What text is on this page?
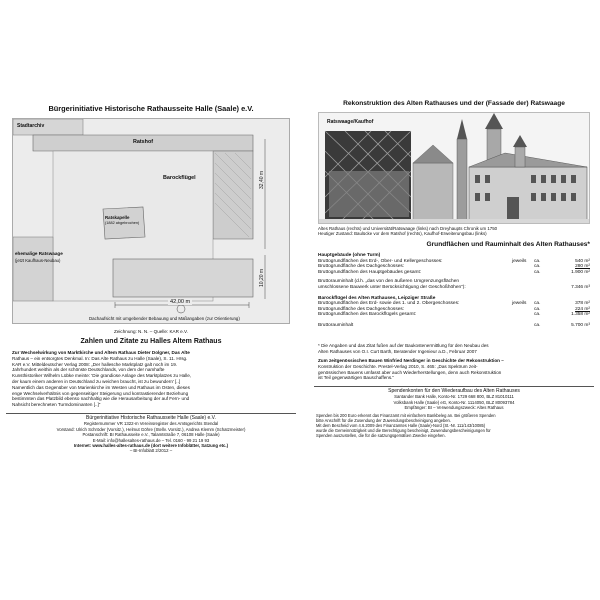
Bürgerinitiative Historische Rathausseite Halle (Saale) e.V.
Stadtarchiv
Ratshof
Barockflügel
Ratskapelle
(1882 abgebrochen)
ehemalige Ratswaage
(jetzt Kaufhaus-Neubau)
42,00 m
32,40 m
10,20 m
Dachaufsicht mit umgebender Bebauung und Maßangaben (zur Orientierung)
Zeichnung: N. N. – Quelle: KAR e.V.
Zahlen und Zitate zu Halles Altem Rathaus
Zur Wechselwirkung von Marktkirche und Altem Rathaus Dieter Dolgner, Das Alte
Rathaus – ein entsorgtes Denkmal. In: Das Alte Rathaus zu Halle (Saale), S. 11. Hrsg.
KAR e.V. Mitteldeutscher Verlag 2008: „Der hallesche Marktplatz galt noch im 19.
Jahrhundert weithin als der schönste Deutschlands, von dem der namhafte
Kunsthistoriker Wilhelm Lübke meinte: 'Die grandiose Anlage des Marktplatzes zu Halle,
der kaum einem anderen in Deutschland zu weichen braucht, ist zu bewundern' [..]
Namentlich das Gegenüber von Marienkirche im Westen und Rathaus im Osten, dieses
enge Wechselverhältnis von gegenseitiger Steigerung und kontrastierender Beziehung
bestimmten das Platzbild ebenso nachhaltig wie die Herausarbeitung der auf Fern- und
Nahsicht berechneten Turmdominanten [..]“
Bürgerinitiative Historische Rathausseite Halle (Saale) e.V.
Registernummer VR 1322-m Vereinsregister des Amtsgerichts Stendal
Vorstand: Ulrich Schröder (Vorsitz.), Helmut Göhre (Stellv. Vorsitz.), Andrea Klemm (Schatzmeister)
Postanschrift: BI Rathausseite e.V., Talamtstraße 7, 06108 Halle (Saale)
E-Mail: info@hallesaltes-rathaus.de – Tel. 0160 - 99 21 19 93
Internet: www.halles-altes-rathaus.de (dort weitere Infoblätter, Satzung etc.)
– BI-Infoblatt 2/2012 –
Rekonstruktion des Alten Rathauses und der (Fassade der) Ratswaage
Ratswaage/Kaufhof
Altes Rathaus (rechts) und Universität/Ratswaage (links) nach Dreyhaupts Chronik um 1750
Heutiger Zustand: Baulücke vor dem Ratshof (rechts), Kaufhof-Erweiterungsbau (links)
Grundflächen und Rauminhalt des Alten Rathauses*
Hauptgebäude (ohne Turm)
Bruttogrundflächen des Erd-, Ober- und Kellergeschosses:	jeweils	ca.	540 m²
Bruttogrundfläche des Dachgeschosses:	ca.	280 m²
Bruttogrundflächen des Hauptgebäudes gesamt:	ca.	1.900 m²
Bruttorauminhalt (d.h. „das von den äußeren Umgrenzungsflächen
umschlossene Bauwerk unter Berücksichtigung der Geschoßhöhen“):	7.346 m³
Barockflügel des Alten Rathauses, Leipziger Straße
Bruttogrundflächen des Erd- sowie des 1. und 2. Obergeschosses:	jeweils	ca.	378 m²
Bruttogrundfläche des Dachgeschosses:	ca.	224 m²
Bruttogrundflächen des Barockflügels gesamt:	ca.	1.358 m²
Bruttorauminhalt	ca.	5.700 m³
* Die Angaben und das Zitat fußen auf der Baukostenermittlung für den Neubau des
Alten Rathauses von O.I. Curt Barth, Beratender Ingenieur a.D., Februar 2007
Zum zeitgenössischen Bauen Winfried Nerdinger in Geschichte der Rekonstruktion –
Konstruktion der Geschichte. Prestel-Verlag 2010, S. 465: „Das Spektrum zeit-
genössischen Bauens umfasst aber auch Wiederherstellungen, denn auch Rekonstruktion
ist Teil gegenwärtigen Bauschaffens.“
Spendenkonten für den Wiederaufbau des Alten Rathauses
Santander Bank Halle, Konto-Nr. 1729 668 800, BLZ 81010111
Volksbank Halle (Saale) eG, Konto-Nr. 1114050, BLZ 80093784
Empfänger: BI – Verwendungszweck: Altes Rathaus
Spenden bis 200 Euro erkennt das Finanzamt mit einfachem Bankbeleg an. Bei größeren Spenden
bitte Anschrift für die Zusendung der Zuwendungsbescheinigung angeben.
Mit dem Bescheid vom 4.6.2009 des Finanzamtes Halle (Saale)-Nord (St.-Nr. 111/143/10085)
wurde die Gemeinnützigkeit und die Berechtigung bescheinigt, Zuwendungsbescheinigungen für
Spenden auszustellen, die für die satzungsgemäßen Zwecke eingehen.
